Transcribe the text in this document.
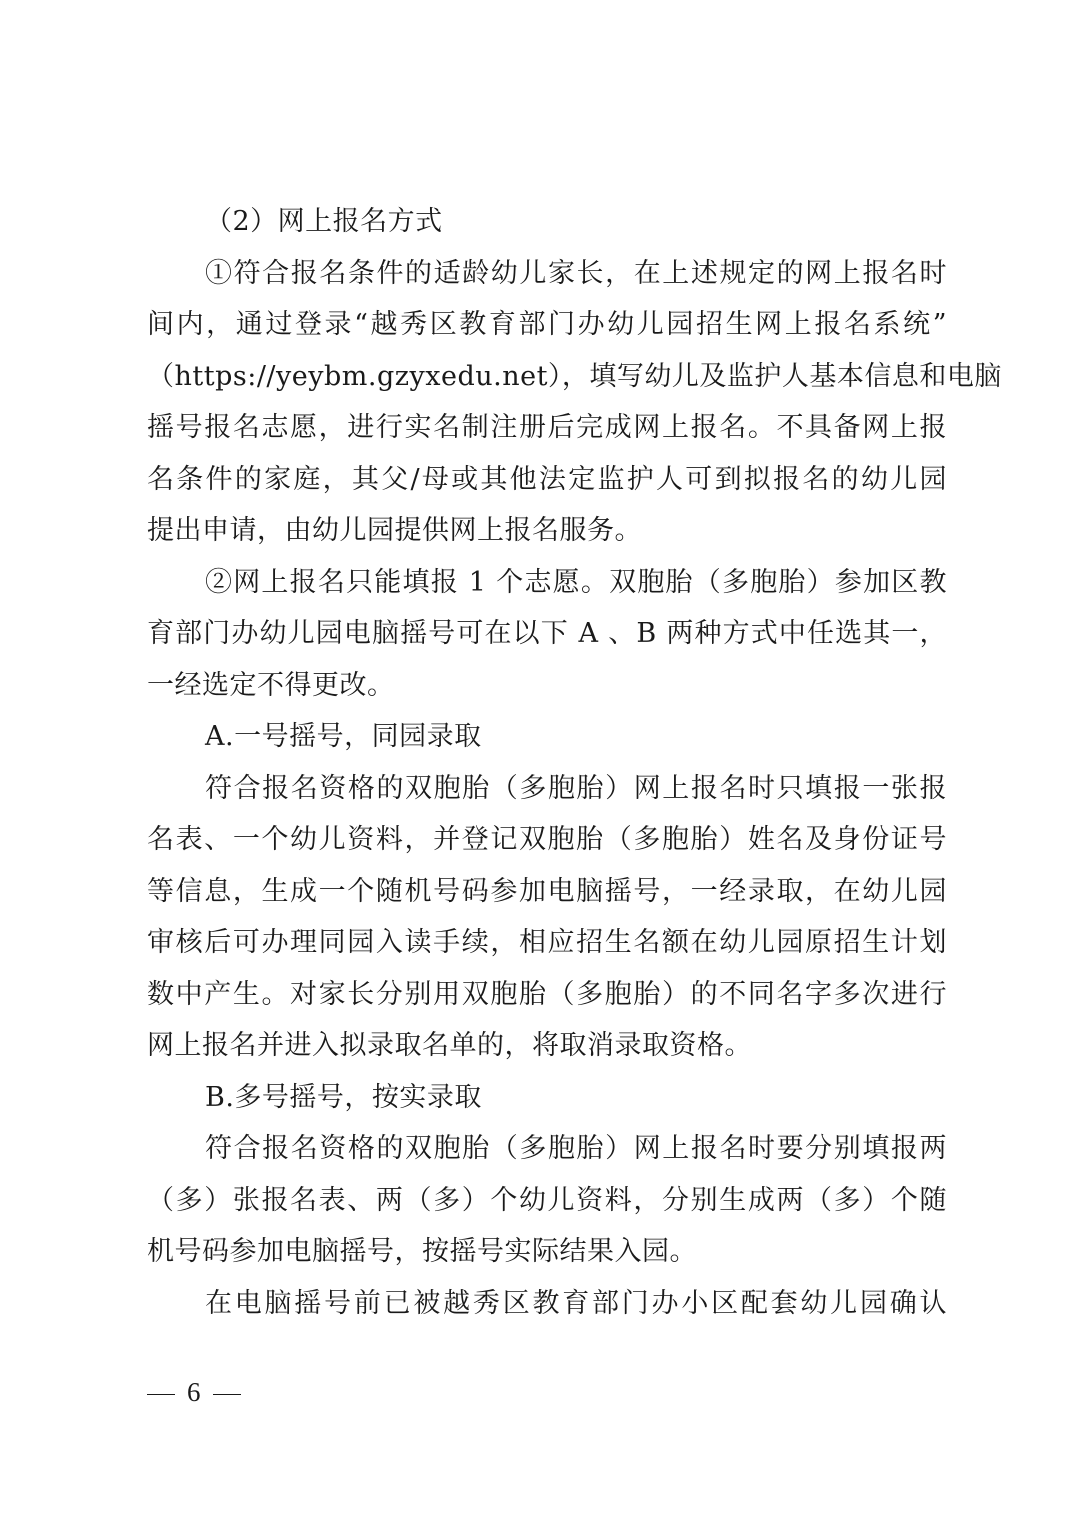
（2）网上报名方式
①符合报名条件的适龄幼儿家长，在上述规定的网上报名时
间内，通过登录“越秀区教育部门办幼儿园招生网上报名系统”
（https://yeybm.gzyxedu.net），填写幼儿及监护人基本信息和电脑
摇号报名志愿，进行实名制注册后完成网上报名。不具备网上报
名条件的家庭，其父/母或其他法定监护人可到拟报名的幼儿园
提出申请，由幼儿园提供网上报名服务。
②网上报名只能填报 1 个志愿。双胞胎（多胞胎）参加区教
育部门办幼儿园电脑摇号可在以下 A 、B 两种方式中任选其一，
一经选定不得更改。
A.一号摇号，同园录取
符合报名资格的双胞胎（多胞胎）网上报名时只填报一张报
名表、一个幼儿资料，并登记双胞胎（多胞胎）姓名及身份证号
等信息，生成一个随机号码参加电脑摇号，一经录取，在幼儿园
审核后可办理同园入读手续，相应招生名额在幼儿园原招生计划
数中产生。对家长分别用双胞胎（多胞胎）的不同名字多次进行
网上报名并进入拟录取名单的，将取消录取资格。
B.多号摇号，按实录取
符合报名资格的双胞胎（多胞胎）网上报名时要分别填报两
（多）张报名表、两（多）个幼儿资料，分别生成两（多）个随
机号码参加电脑摇号，按摇号实际结果入园。
在电脑摇号前已被越秀区教育部门办小区配套幼儿园确认
6
